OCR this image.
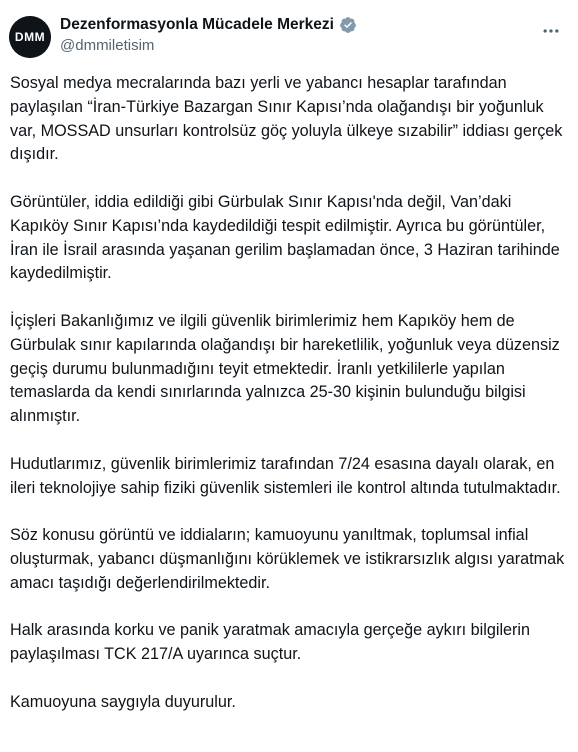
DMM
Dezenformasyonla Mücadele Merkezi
@dmmiletisim

Sosyal medya mecralarında bazı yerli ve yabancı hesaplar tarafından paylaşılan “İran-Türkiye Bazargan Sınır Kapısı’nda olağandışı bir yoğunluk var, MOSSAD unsurları kontrolsüz göç yoluyla ülkeye sızabilir” iddiası gerçek dışıdır.

Görüntüler, iddia edildiği gibi Gürbulak Sınır Kapısı'nda değil, Van’daki Kapıköy Sınır Kapısı’nda kaydedildiği tespit edilmiştir. Ayrıca bu görüntüler, İran ile İsrail arasında yaşanan gerilim başlamadan önce, 3 Haziran tarihinde kaydedilmiştir.

İçişleri Bakanlığımız ve ilgili güvenlik birimlerimiz hem Kapıköy hem de Gürbulak sınır kapılarında olağandışı bir hareketlilik, yoğunluk veya düzensiz geçiş durumu bulunmadığını teyit etmektedir. İranlı yetkililerle yapılan temaslarda da kendi sınırlarında yalnızca 25-30 kişinin bulunduğu bilgisi alınmıştır.

Hudutlarımız, güvenlik birimlerimiz tarafından 7/24 esasına dayalı olarak, en ileri teknolojiye sahip fiziki güvenlik sistemleri ile kontrol altında tutulmaktadır.

Söz konusu görüntü ve iddiaların; kamuoyunu yanıltmak, toplumsal infial oluşturmak, yabancı düşmanlığını körüklemek ve istikrarsızlık algısı yaratmak amacı taşıdığı değerlendirilmektedir.

Halk arasında korku ve panik yaratmak amacıyla gerçeğe aykırı bilgilerin paylaşılması TCK 217/A uyarınca suçtur.

Kamuoyuna saygıyla duyurulur.
